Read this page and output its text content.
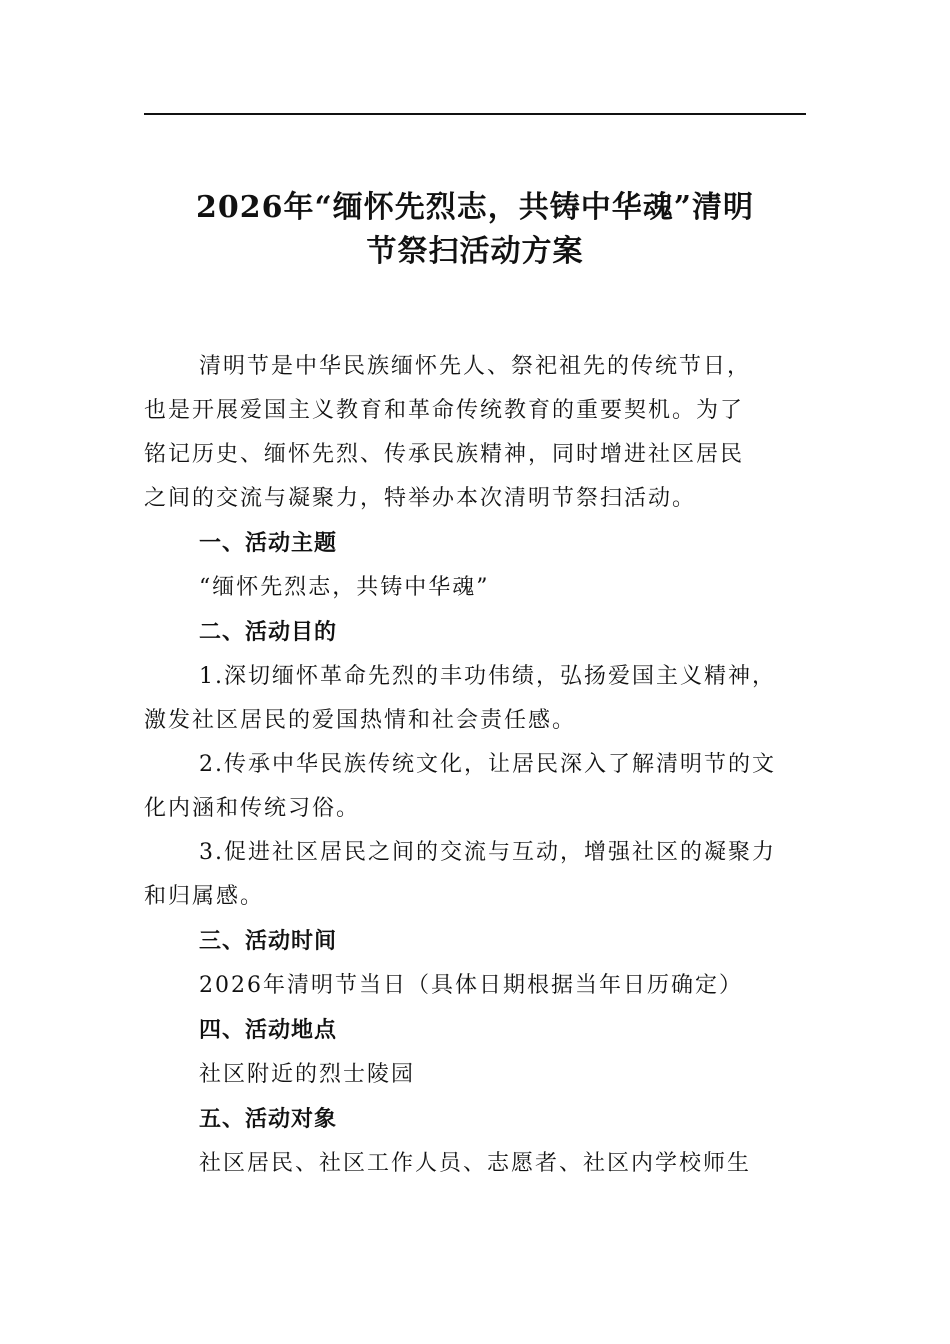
2026年“缅怀先烈志，共铸中华魂”清明
节祭扫活动方案
清明节是中华民族缅怀先人、祭祀祖先的传统节日，
也是开展爱国主义教育和革命传统教育的重要契机。为了
铭记历史、缅怀先烈、传承民族精神，同时增进社区居民
之间的交流与凝聚力，特举办本次清明节祭扫活动。
一、活动主题
“缅怀先烈志，共铸中华魂”
二、活动目的
1.深切缅怀革命先烈的丰功伟绩，弘扬爱国主义精神，
激发社区居民的爱国热情和社会责任感。
2.传承中华民族传统文化，让居民深入了解清明节的文
化内涵和传统习俗。
3.促进社区居民之间的交流与互动，增强社区的凝聚力
和归属感。
三、活动时间
2026年清明节当日（具体日期根据当年日历确定）
四、活动地点
社区附近的烈士陵园
五、活动对象
社区居民、社区工作人员、志愿者、社区内学校师生
